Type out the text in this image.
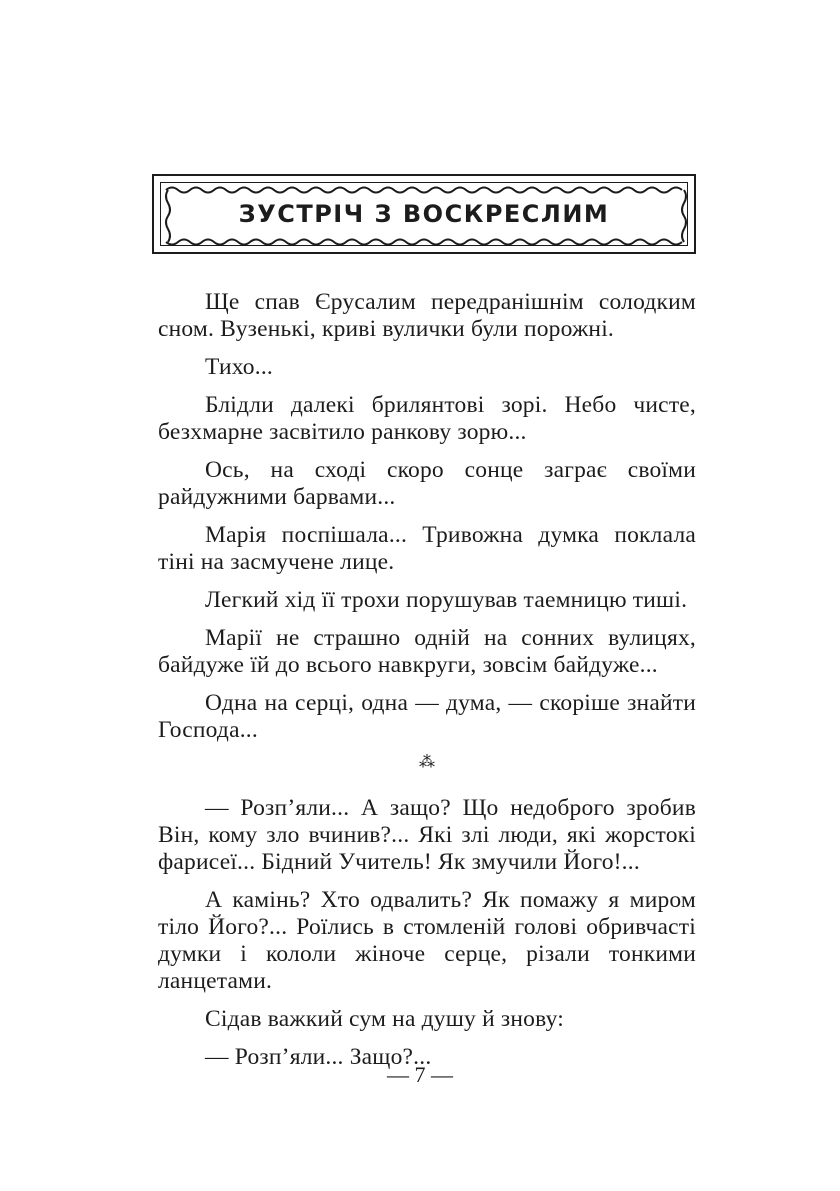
ЗУСТРІЧ З ВОСКРЕСЛИМ

Ще спав Єрусалим передранішнім солодким сном. Вузенькі, криві вулички були порожні.

Тихо...

Блідли далекі брилянтові зорі. Небо чисте, безхмарне засвітило ранкову зорю...

Ось, на сході скоро сонце заграє своїми райдужними барвами...

Марія поспішала... Тривожна думка поклала тіні на засмучене лице.

Легкий хід її трохи порушував таемницю тиші.

Марії не страшно одній на сонних вулицях, байдуже їй до всього навкруги, зовсім байдуже...

Одна на серці, одна — дума, — скоріше знайти Господа...

⁂

— Розп’яли... А защо? Що недоброго зробив Він, кому зло вчинив?... Які злі люди, які жорстокі фарисеї... Бідний Учитель! Як змучили Його!...

А камінь? Хто одвалить? Як помажу я миром тіло Його?... Роїлись в стомленій голові обривчасті думки і кололи жіноче серце, різали тонкими ланцетами.

Сідав важкий сум на душу й знову:

— Розп’яли... Защо?...

— 7 —
